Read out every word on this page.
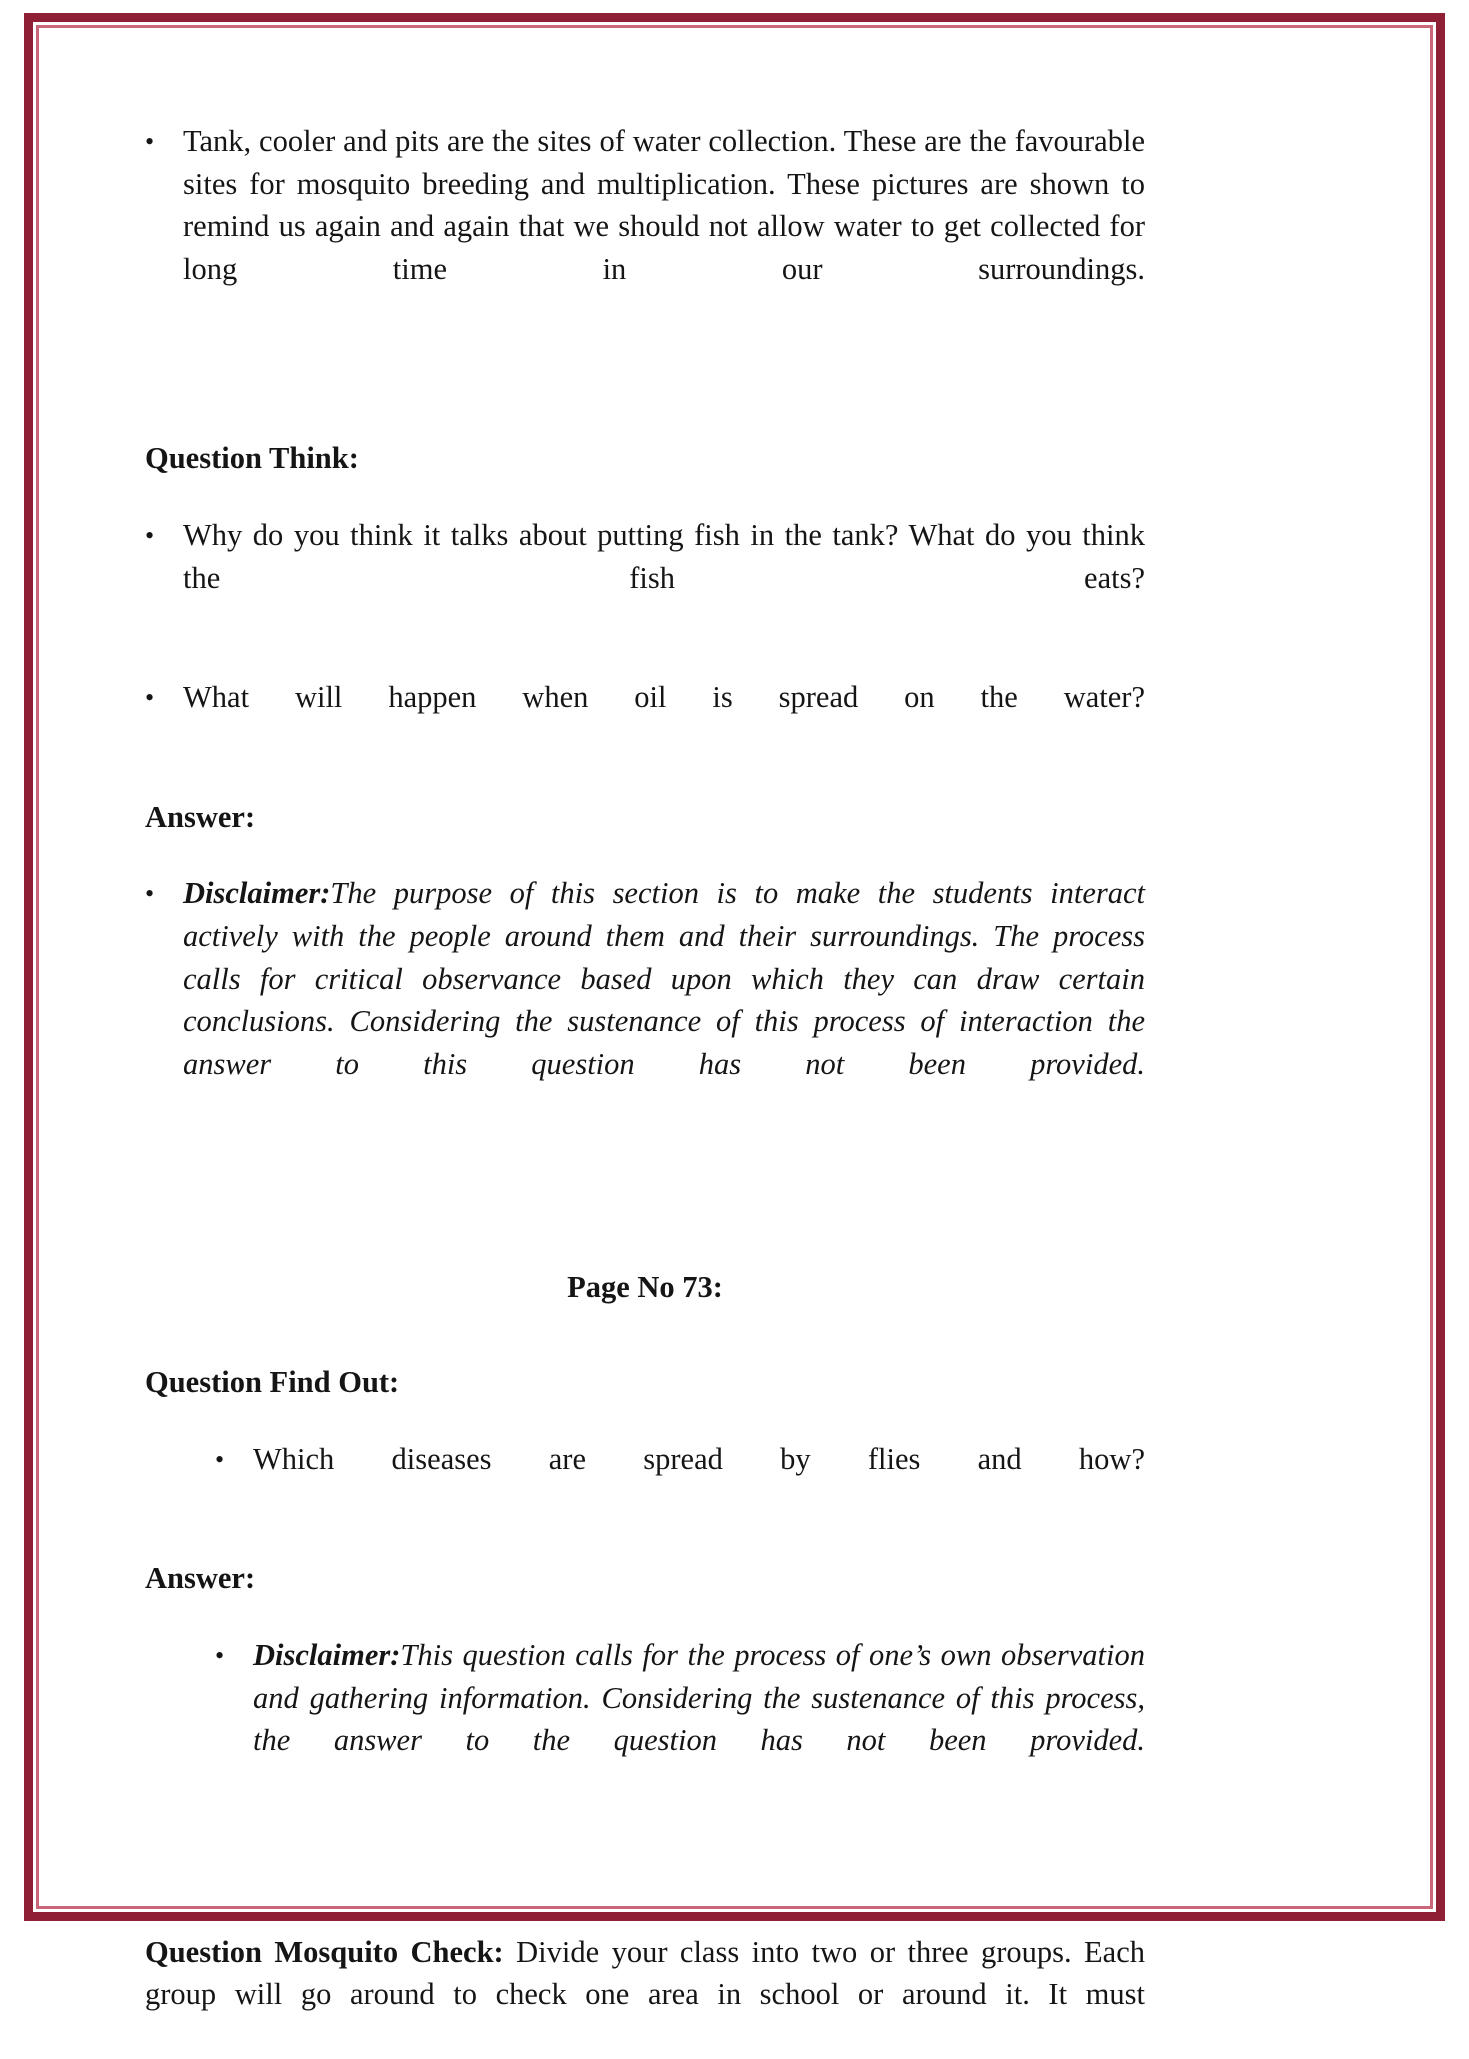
• Tank, cooler and pits are the sites of water collection. These are the favourable sites for mosquito breeding and multiplication. These pictures are shown to remind us again and again that we should not allow water to get collected for long time in our surroundings.
Question Think:
• Why do you think it talks about putting fish in the tank? What do you think the fish eats?
• What will happen when oil is spread on the water?
Answer:
• Disclaimer:The purpose of this section is to make the students interact actively with the people around them and their surroundings. The process calls for critical observance based upon which they can draw certain conclusions. Considering the sustenance of this process of interaction the answer to this question has not been provided.
Page No 73:
Question Find Out:
• Which diseases are spread by flies and how?
Answer:
• Disclaimer:This question calls for the process of one’s own observation and gathering information. Considering the sustenance of this process, the answer to the question has not been provided.
Question Mosquito Check: Divide your class into two or three groups. Each group will go around to check one area in school or around it. It must
